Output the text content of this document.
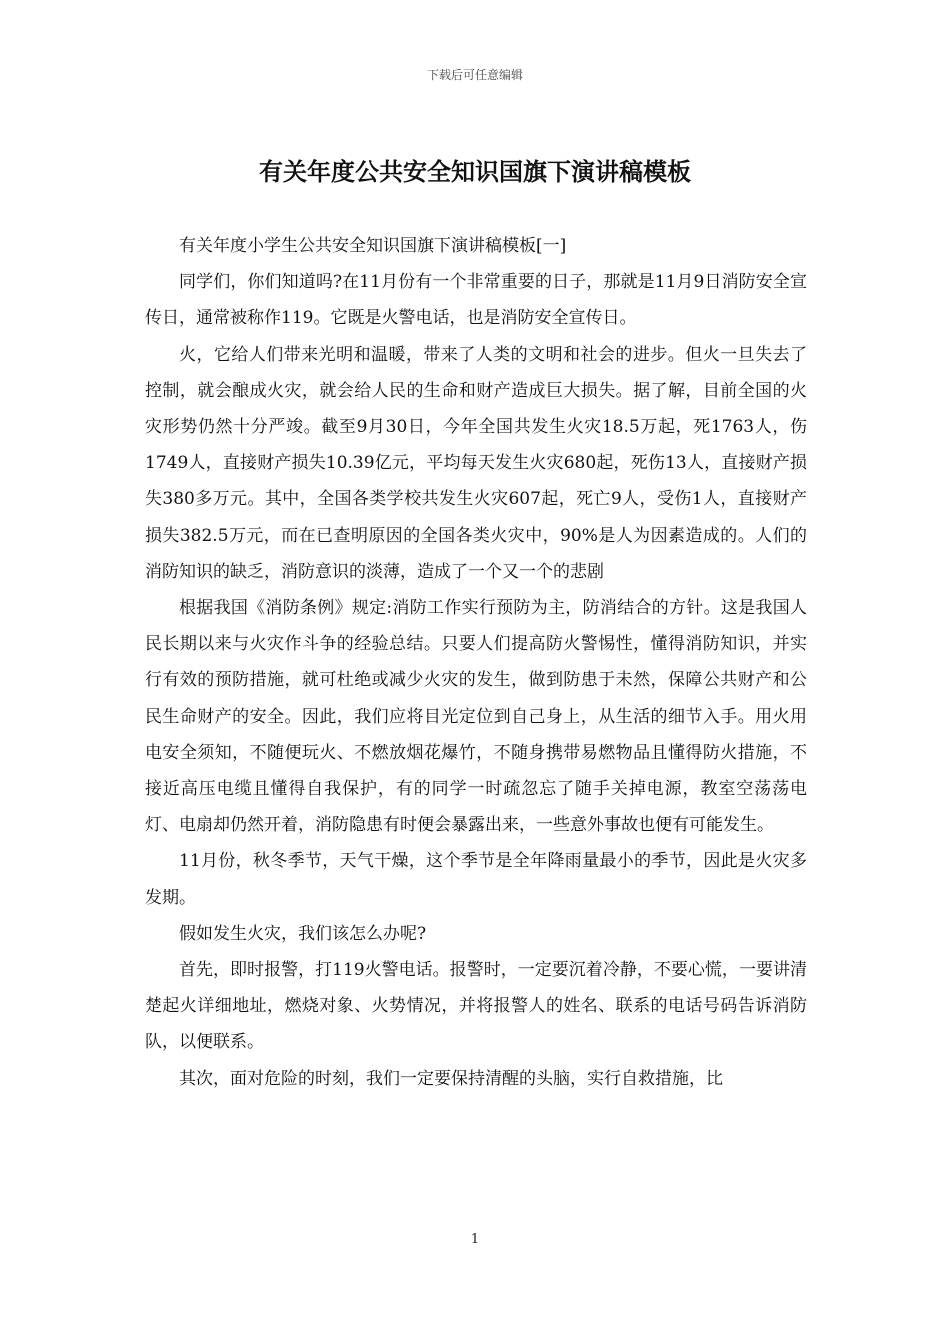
下载后可任意编辑
有关年度公共安全知识国旗下演讲稿模板

有关年度小学生公共安全知识国旗下演讲稿模板[一]

同学们，你们知道吗?在11月份有一个非常重要的日子，那就是11月9日消防安全宣传日，通常被称作119。它既是火警电话，也是消防安全宣传日。

火，它给人们带来光明和温暖，带来了人类的文明和社会的进步。但火一旦失去了控制，就会酿成火灾，就会给人民的生命和财产造成巨大损失。据了解，目前全国的火灾形势仍然十分严竣。截至9月30日，今年全国共发生火灾18.5万起，死1763人，伤1749人，直接财产损失10.39亿元，平均每天发生火灾680起，死伤13人，直接财产损失380多万元。其中，全国各类学校共发生火灾607起，死亡9人，受伤1人，直接财产损失382.5万元，而在已查明原因的全国各类火灾中，90%是人为因素造成的。人们的消防知识的缺乏，消防意识的淡薄，造成了一个又一个的悲剧

根据我国《消防条例》规定:消防工作实行预防为主，防消结合的方针。这是我国人民长期以来与火灾作斗争的经验总结。只要人们提高防火警惕性，懂得消防知识，并实行有效的预防措施，就可杜绝或减少火灾的发生，做到防患于未然，保障公共财产和公民生命财产的安全。因此，我们应将目光定位到自己身上，从生活的细节入手。用火用电安全须知，不随便玩火、不燃放烟花爆竹，不随身携带易燃物品且懂得防火措施，不接近高压电缆且懂得自我保护，有的同学一时疏忽忘了随手关掉电源，教室空荡荡电灯、电扇却仍然开着，消防隐患有时便会暴露出来，一些意外事故也便有可能发生。

11月份，秋冬季节，天气干燥，这个季节是全年降雨量最小的季节，因此是火灾多发期。

假如发生火灾，我们该怎么办呢?

首先，即时报警，打119火警电话。报警时，一定要沉着冷静，不要心慌，一要讲清楚起火详细地址，燃烧对象、火势情况，并将报警人的姓名、联系的电话号码告诉消防队，以便联系。

其次，面对危险的时刻，我们一定要保持清醒的头脑，实行自救措施，比

1
